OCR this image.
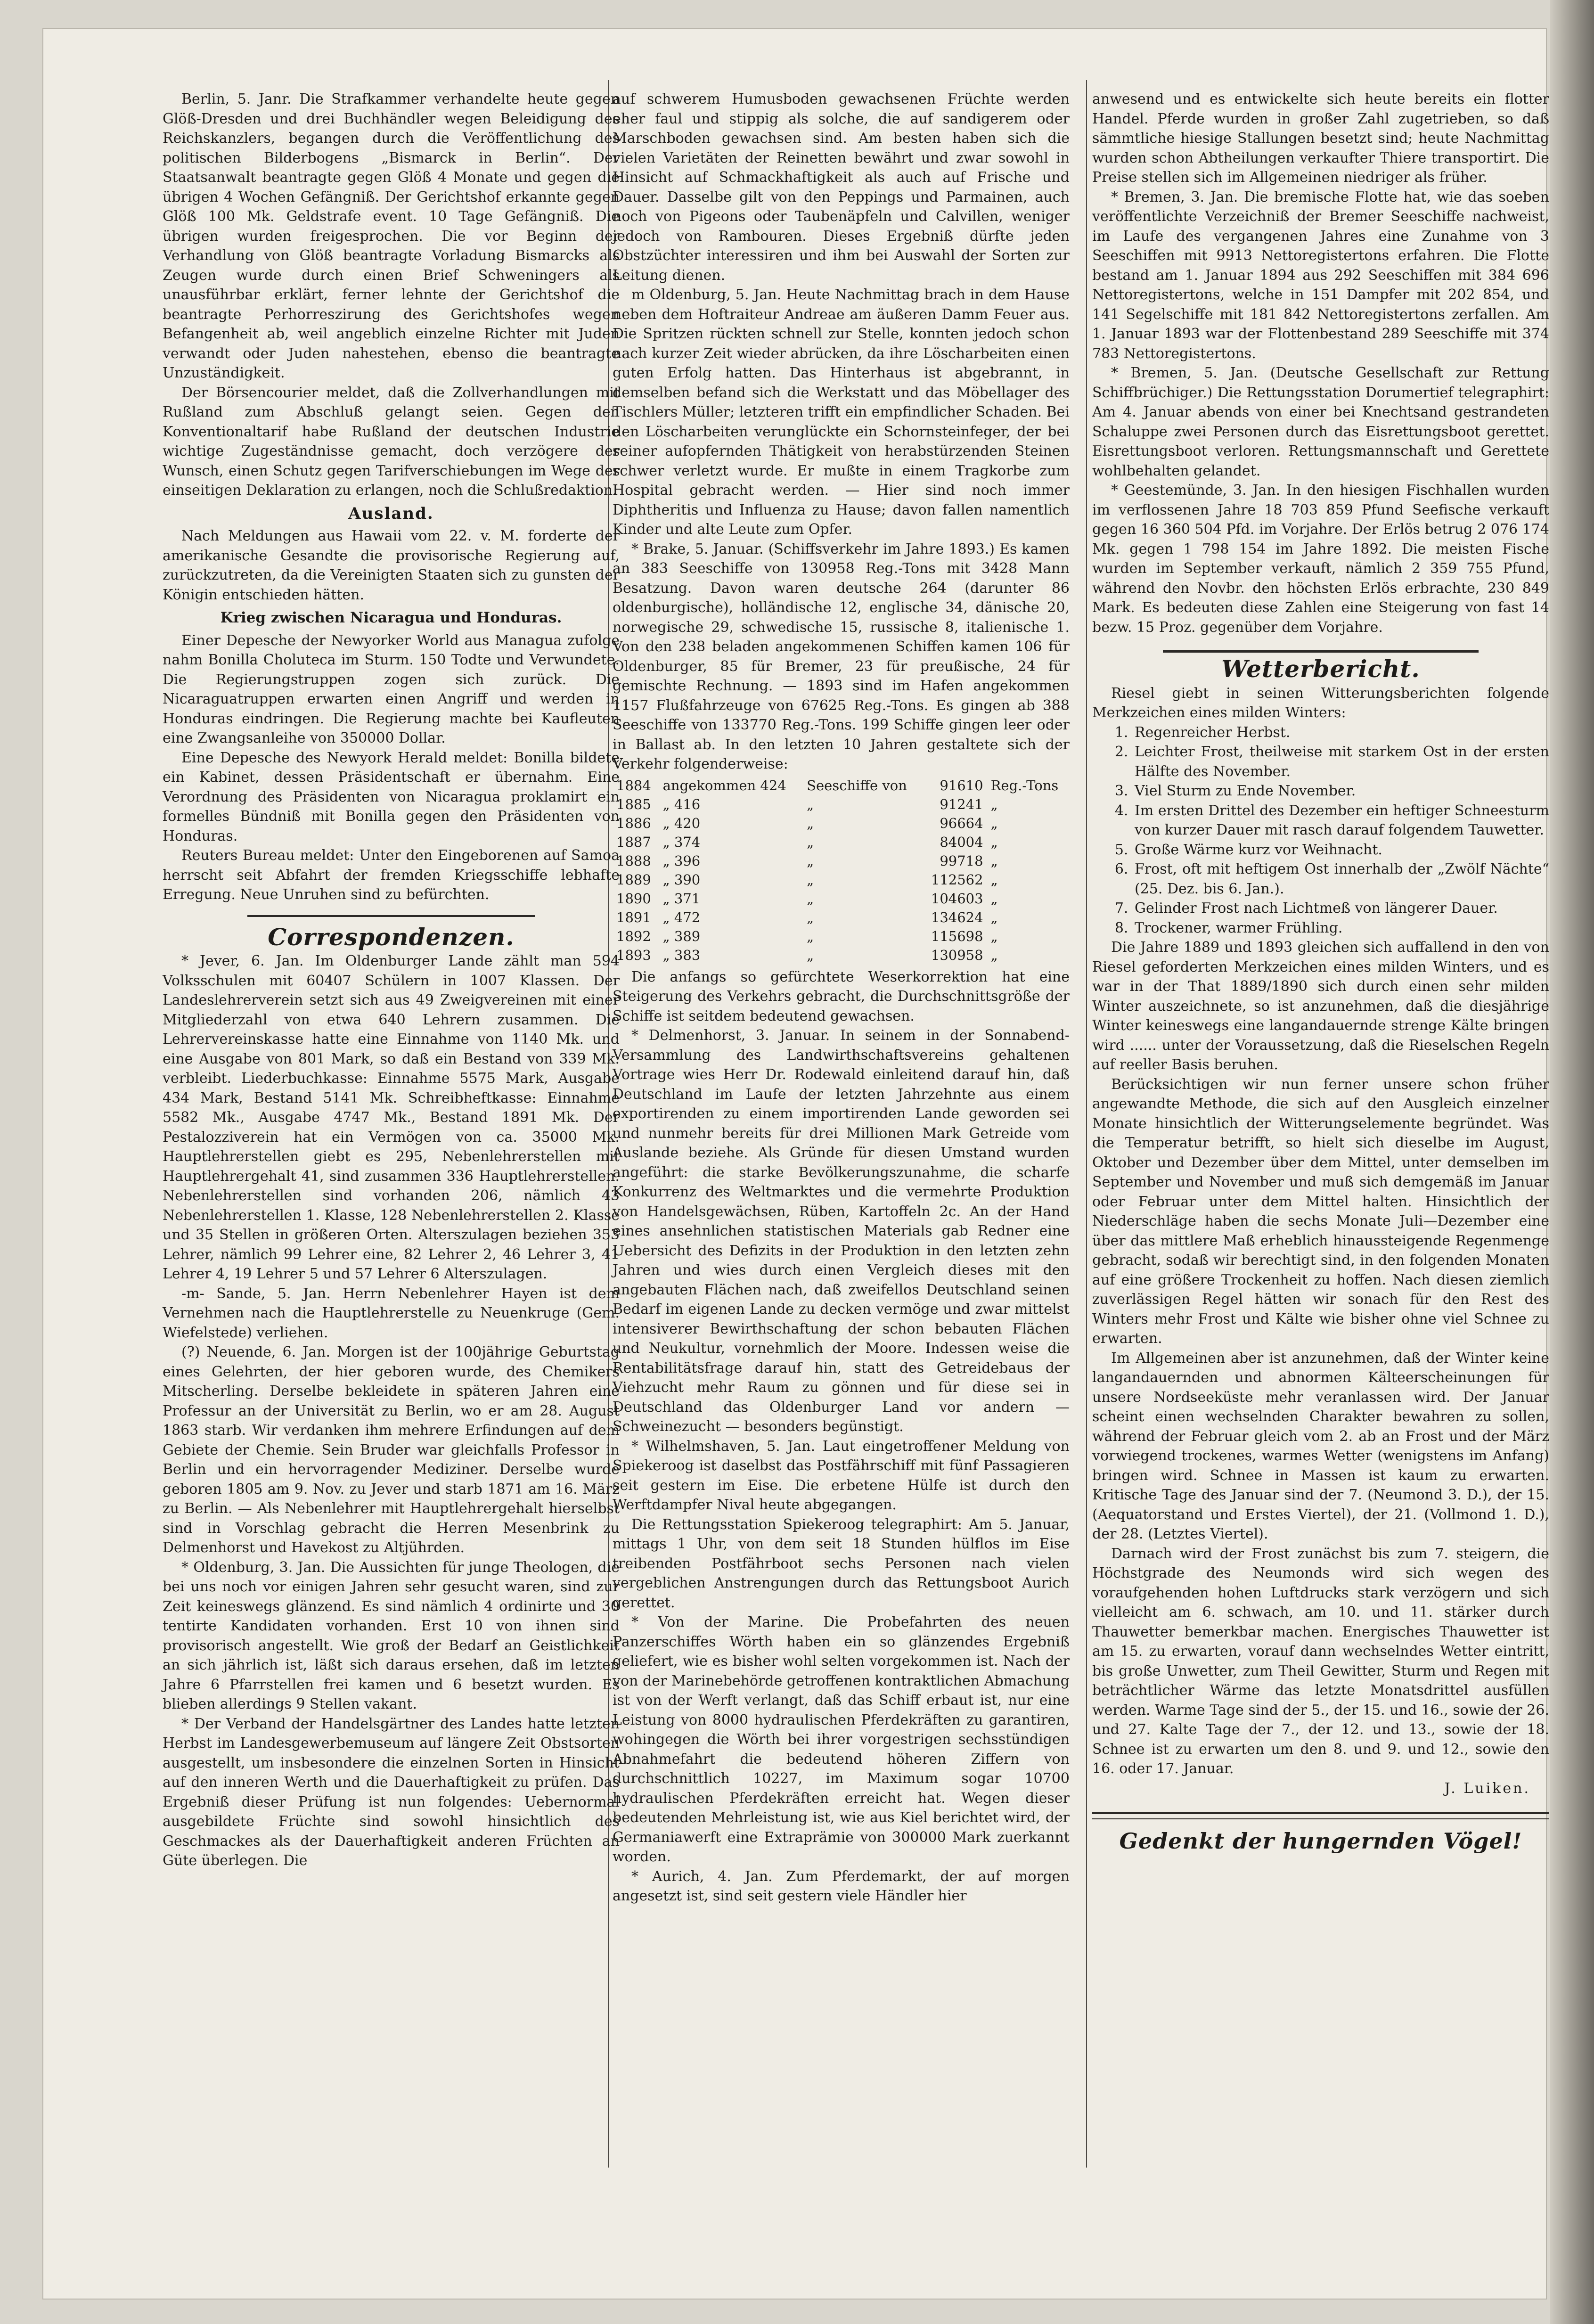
Berlin, 5. Janr. Die Strafkammer verhandelte heute gegen Glöß-Dresden und drei Buchhändler wegen Beleidigung des Reichskanzlers, begangen durch die Veröffentlichung des politischen Bilderbogens „Bismarck in Berlin“. Der Staatsanwalt beantragte gegen Glöß 4 Monate und gegen die übrigen 4 Wochen Gefängniß. Der Gerichtshof erkannte gegen Glöß 100 Mk. Geldstrafe event. 10 Tage Gefängniß. Die übrigen wurden freigesprochen. Die vor Beginn der Verhandlung von Glöß beantragte Vorladung Bismarcks als Zeugen wurde durch einen Brief Schweningers als unausführbar erklärt, ferner lehnte der Gerichtshof die beantragte Perhorreszirung des Gerichtshofes wegen Befangenheit ab, weil angeblich einzelne Richter mit Juden verwandt oder Juden nahestehen, ebenso die beantragte Unzuständigkeit.

Der Börsencourier meldet, daß die Zollverhandlungen mit Rußland zum Abschluß gelangt seien. Gegen den Konventionaltarif habe Rußland der deutschen Industrie wichtige Zugeständnisse gemacht, doch verzögere der Wunsch, einen Schutz gegen Tarifverschiebungen im Wege der einseitigen Deklaration zu erlangen, noch die Schlußredaktion.

Ausland.

Nach Meldungen aus Hawaii vom 22. v. M. forderte der amerikanische Gesandte die provisorische Regierung auf, zurückzutreten, da die Vereinigten Staaten sich zu gunsten der Königin entschieden hätten.

Krieg zwischen Nicaragua und Honduras.

Einer Depesche der Newyorker World aus Managua zufolge nahm Bonilla Choluteca im Sturm. 150 Todte und Verwundete. Die Regierungstruppen zogen sich zurück. Die Nicaraguatruppen erwarten einen Angriff und werden in Honduras eindringen. Die Regierung machte bei Kaufleuten eine Zwangsanleihe von 350000 Dollar.

Eine Depesche des Newyork Herald meldet: Bonilla bildete ein Kabinet, dessen Präsidentschaft er übernahm. Eine Verordnung des Präsidenten von Nicaragua proklamirt ein formelles Bündniß mit Bonilla gegen den Präsidenten von Honduras.

Reuters Bureau meldet: Unter den Eingeborenen auf Samoa herrscht seit Abfahrt der fremden Kriegsschiffe lebhafte Erregung. Neue Unruhen sind zu befürchten.

Correspondenzen.

* Jever, 6. Jan. Im Oldenburger Lande zählt man 594 Volksschulen mit 60407 Schülern in 1007 Klassen. Der Landeslehrerverein setzt sich aus 49 Zweigvereinen mit einer Mitgliederzahl von etwa 640 Lehrern zusammen. Die Lehrervereinskasse hatte eine Einnahme von 1140 Mk. und eine Ausgabe von 801 Mark, so daß ein Bestand von 339 Mk. verbleibt. Liederbuchkasse: Einnahme 5575 Mark, Ausgabe 434 Mark, Bestand 5141 Mk. Schreibheftkasse: Einnahme 5582 Mk., Ausgabe 4747 Mk., Bestand 1891 Mk. Der Pestalozziverein hat ein Vermögen von ca. 35000 Mk. Hauptlehrerstellen giebt es 295, Nebenlehrerstellen mit Hauptlehrergehalt 41, sind zusammen 336 Hauptlehrerstellen. Nebenlehrerstellen sind vorhanden 206, nämlich 43 Nebenlehrerstellen 1. Klasse, 128 Nebenlehrerstellen 2. Klasse und 35 Stellen in größeren Orten. Alterszulagen beziehen 353 Lehrer, nämlich 99 Lehrer eine, 82 Lehrer 2, 46 Lehrer 3, 41 Lehrer 4, 19 Lehrer 5 und 57 Lehrer 6 Alterszulagen.

-m- Sande, 5. Jan. Herrn Nebenlehrer Hayen ist dem Vernehmen nach die Hauptlehrerstelle zu Neuenkruge (Gem. Wiefelstede) verliehen.

(?) Neuende, 6. Jan. Morgen ist der 100jährige Geburtstag eines Gelehrten, der hier geboren wurde, des Chemikers Mitscherling. Derselbe bekleidete in späteren Jahren eine Professur an der Universität zu Berlin, wo er am 28. August 1863 starb. Wir verdanken ihm mehrere Erfindungen auf dem Gebiete der Chemie. Sein Bruder war gleichfalls Professor in Berlin und ein hervorragender Mediziner. Derselbe wurde geboren 1805 am 9. Nov. zu Jever und starb 1871 am 16. März zu Berlin. — Als Nebenlehrer mit Hauptlehrergehalt hierselbst sind in Vorschlag gebracht die Herren Mesenbrink zu Delmenhorst und Havekost zu Altjührden.

* Oldenburg, 3. Jan. Die Aussichten für junge Theologen, die bei uns noch vor einigen Jahren sehr gesucht waren, sind zur Zeit keineswegs glänzend. Es sind nämlich 4 ordinirte und 30 tentirte Kandidaten vorhanden. Erst 10 von ihnen sind provisorisch angestellt. Wie groß der Bedarf an Geistlichkeit an sich jährlich ist, läßt sich daraus ersehen, daß im letzten Jahre 6 Pfarrstellen frei kamen und 6 besetzt wurden. Es blieben allerdings 9 Stellen vakant.

* Der Verband der Handelsgärtner des Landes hatte letzten Herbst im Landesgewerbemuseum auf längere Zeit Obstsorten ausgestellt, um insbesondere die einzelnen Sorten in Hinsicht auf den inneren Werth und die Dauerhaftigkeit zu prüfen. Das Ergebniß dieser Prüfung ist nun folgendes: Uebernormal ausgebildete Früchte sind sowohl hinsichtlich des Geschmackes als der Dauerhaftigkeit anderen Früchten an Güte überlegen. Die

auf schwerem Humusboden gewachsenen Früchte werden eher faul und stippig als solche, die auf sandigerem oder Marschboden gewachsen sind. Am besten haben sich die vielen Varietäten der Reinetten bewährt und zwar sowohl in Hinsicht auf Schmackhaftigkeit als auch auf Frische und Dauer. Dasselbe gilt von den Peppings und Parmainen, auch noch von Pigeons oder Taubenäpfeln und Calvillen, weniger jedoch von Rambouren. Dieses Ergebniß dürfte jeden Obstzüchter interessiren und ihm bei Auswahl der Sorten zur Leitung dienen.

m Oldenburg, 5. Jan. Heute Nachmittag brach in dem Hause neben dem Hoftraiteur Andreae am äußeren Damm Feuer aus. Die Spritzen rückten schnell zur Stelle, konnten jedoch schon nach kurzer Zeit wieder abrücken, da ihre Löscharbeiten einen guten Erfolg hatten. Das Hinterhaus ist abgebrannt, in demselben befand sich die Werkstatt und das Möbellager des Tischlers Müller; letzteren trifft ein empfindlicher Schaden. Bei den Löscharbeiten verunglückte ein Schornsteinfeger, der bei seiner aufopfernden Thätigkeit von herabstürzenden Steinen schwer verletzt wurde. Er mußte in einem Tragkorbe zum Hospital gebracht werden. — Hier sind noch immer Diphtheritis und Influenza zu Hause; davon fallen namentlich Kinder und alte Leute zum Opfer.

* Brake, 5. Januar. (Schiffsverkehr im Jahre 1893.) Es kamen an 383 Seeschiffe von 130958 Reg.-Tons mit 3428 Mann Besatzung. Davon waren deutsche 264 (darunter 86 oldenburgische), holländische 12, englische 34, dänische 20, norwegische 29, schwedische 15, russische 8, italienische 1. Von den 238 beladen angekommenen Schiffen kamen 106 für Oldenburger, 85 für Bremer, 23 für preußische, 24 für gemischte Rechnung. — 1893 sind im Hafen angekommen 1157 Flußfahrzeuge von 67625 Reg.-Tons. Es gingen ab 388 Seeschiffe von 133770 Reg.-Tons. 199 Schiffe gingen leer oder in Ballast ab. In den letzten 10 Jahren gestaltete sich der Verkehr folgenderweise:

1884	angekommen 424	Seeschiffe von	91610	Reg.-Tons
1885	„ 416	„	91241	„
1886	„ 420	„	96664	„
1887	„ 374	„	84004	„
1888	„ 396	„	99718	„
1889	„ 390	„	112562	„
1890	„ 371	„	104603	„
1891	„ 472	„	134624	„
1892	„ 389	„	115698	„
1893	„ 383	„	130958	„

Die anfangs so gefürchtete Weserkorrektion hat eine Steigerung des Verkehrs gebracht, die Durchschnittsgröße der Schiffe ist seitdem bedeutend gewachsen.

* Delmenhorst, 3. Januar. In seinem in der Sonnabend-Versammlung des Landwirthschaftsvereins gehaltenen Vortrage wies Herr Dr. Rodewald einleitend darauf hin, daß Deutschland im Laufe der letzten Jahrzehnte aus einem exportirenden zu einem importirenden Lande geworden sei und nunmehr bereits für drei Millionen Mark Getreide vom Auslande beziehe. Als Gründe für diesen Umstand wurden angeführt: die starke Bevölkerungszunahme, die scharfe Konkurrenz des Weltmarktes und die vermehrte Produktion von Handelsgewächsen, Rüben, Kartoffeln 2c. An der Hand eines ansehnlichen statistischen Materials gab Redner eine Uebersicht des Defizits in der Produktion in den letzten zehn Jahren und wies durch einen Vergleich dieses mit den angebauten Flächen nach, daß zweifellos Deutschland seinen Bedarf im eigenen Lande zu decken vermöge und zwar mittelst intensiverer Bewirthschaftung der schon bebauten Flächen und Neukultur, vornehmlich der Moore. Indessen weise die Rentabilitätsfrage darauf hin, statt des Getreidebaus der Viehzucht mehr Raum zu gönnen und für diese sei in Deutschland das Oldenburger Land vor andern — Schweinezucht — besonders begünstigt.

* Wilhelmshaven, 5. Jan. Laut eingetroffener Meldung von Spiekeroog ist daselbst das Postfährschiff mit fünf Passagieren seit gestern im Eise. Die erbetene Hülfe ist durch den Werftdampfer Nival heute abgegangen.

Die Rettungsstation Spiekeroog telegraphirt: Am 5. Januar, mittags 1 Uhr, von dem seit 18 Stunden hülflos im Eise treibenden Postfährboot sechs Personen nach vielen vergeblichen Anstrengungen durch das Rettungsboot Aurich gerettet.

* Von der Marine. Die Probefahrten des neuen Panzerschiffes Wörth haben ein so glänzendes Ergebniß geliefert, wie es bisher wohl selten vorgekommen ist. Nach der von der Marinebehörde getroffenen kontraktlichen Abmachung ist von der Werft verlangt, daß das Schiff erbaut ist, nur eine Leistung von 8000 hydraulischen Pferdekräften zu garantiren, wohingegen die Wörth bei ihrer vorgestrigen sechsstündigen Abnahmefahrt die bedeutend höheren Ziffern von durchschnittlich 10227, im Maximum sogar 10700 hydraulischen Pferdekräften erreicht hat. Wegen dieser bedeutenden Mehrleistung ist, wie aus Kiel berichtet wird, der Germaniawerft eine Extraprämie von 300000 Mark zuerkannt worden.

* Aurich, 4. Jan. Zum Pferdemarkt, der auf morgen angesetzt ist, sind seit gestern viele Händler hier

anwesend und es entwickelte sich heute bereits ein flotter Handel. Pferde wurden in großer Zahl zugetrieben, so daß sämmtliche hiesige Stallungen besetzt sind; heute Nachmittag wurden schon Abtheilungen verkaufter Thiere transportirt. Die Preise stellen sich im Allgemeinen niedriger als früher.

* Bremen, 3. Jan. Die bremische Flotte hat, wie das soeben veröffentlichte Verzeichniß der Bremer Seeschiffe nachweist, im Laufe des vergangenen Jahres eine Zunahme von 3 Seeschiffen mit 9913 Nettoregistertons erfahren. Die Flotte bestand am 1. Januar 1894 aus 292 Seeschiffen mit 384 696 Nettoregistertons, welche in 151 Dampfer mit 202 854, und 141 Segelschiffe mit 181 842 Nettoregistertons zerfallen. Am 1. Januar 1893 war der Flottenbestand 289 Seeschiffe mit 374 783 Nettoregistertons.

* Bremen, 5. Jan. (Deutsche Gesellschaft zur Rettung Schiffbrüchiger.) Die Rettungsstation Dorumertief telegraphirt: Am 4. Januar abends von einer bei Knechtsand gestrandeten Schaluppe zwei Personen durch das Eisrettungsboot gerettet. Eisrettungsboot verloren. Rettungsmannschaft und Gerettete wohlbehalten gelandet.

* Geestemünde, 3. Jan. In den hiesigen Fischhallen wurden im verflossenen Jahre 18 703 859 Pfund Seefische verkauft gegen 16 360 504 Pfd. im Vorjahre. Der Erlös betrug 2 076 174 Mk. gegen 1 798 154 im Jahre 1892. Die meisten Fische wurden im September verkauft, nämlich 2 359 755 Pfund, während den Novbr. den höchsten Erlös erbrachte, 230 849 Mark. Es bedeuten diese Zahlen eine Steigerung von fast 14 bezw. 15 Proz. gegenüber dem Vorjahre.

Wetterbericht.

Riesel giebt in seinen Witterungsberichten folgende Merkzeichen eines milden Winters:

1. Regenreicher Herbst.
2. Leichter Frost, theilweise mit starkem Ost in der ersten Hälfte des November.
3. Viel Sturm zu Ende November.
4. Im ersten Drittel des Dezember ein heftiger Schneesturm von kurzer Dauer mit rasch darauf folgendem Tauwetter.
5. Große Wärme kurz vor Weihnacht.
6. Frost, oft mit heftigem Ost innerhalb der „Zwölf Nächte“ (25. Dez. bis 6. Jan.).
7. Gelinder Frost nach Lichtmeß von längerer Dauer.
8. Trockener, warmer Frühling.

Die Jahre 1889 und 1893 gleichen sich auffallend in den von Riesel geforderten Merkzeichen eines milden Winters, und es war in der That 1889/1890 sich durch einen sehr milden Winter auszeichnete, so ist anzunehmen, daß die diesjährige Winter keineswegs eine langandauernde strenge Kälte bringen wird ...... unter der Voraussetzung, daß die Rieselschen Regeln auf reeller Basis beruhen.

Berücksichtigen wir nun ferner unsere schon früher angewandte Methode, die sich auf den Ausgleich einzelner Monate hinsichtlich der Witterungselemente begründet. Was die Temperatur betrifft, so hielt sich dieselbe im August, Oktober und Dezember über dem Mittel, unter demselben im September und November und muß sich demgemäß im Januar oder Februar unter dem Mittel halten. Hinsichtlich der Niederschläge haben die sechs Monate Juli—Dezember eine über das mittlere Maß erheblich hinaussteigende Regenmenge gebracht, sodaß wir berechtigt sind, in den folgenden Monaten auf eine größere Trockenheit zu hoffen. Nach diesen ziemlich zuverlässigen Regel hätten wir sonach für den Rest des Winters mehr Frost und Kälte wie bisher ohne viel Schnee zu erwarten.

Im Allgemeinen aber ist anzunehmen, daß der Winter keine langandauernden und abnormen Kälteerscheinungen für unsere Nordseeküste mehr veranlassen wird. Der Januar scheint einen wechselnden Charakter bewahren zu sollen, während der Februar gleich vom 2. ab an Frost und der März vorwiegend trockenes, warmes Wetter (wenigstens im Anfang) bringen wird. Schnee in Massen ist kaum zu erwarten. Kritische Tage des Januar sind der 7. (Neumond 3. D.), der 15. (Aequatorstand und Erstes Viertel), der 21. (Vollmond 1. D.), der 28. (Letztes Viertel).

Darnach wird der Frost zunächst bis zum 7. steigern, die Höchstgrade des Neumonds wird sich wegen des voraufgehenden hohen Luftdrucks stark verzögern und sich vielleicht am 6. schwach, am 10. und 11. stärker durch Thauwetter bemerkbar machen. Energisches Thauwetter ist am 15. zu erwarten, vorauf dann wechselndes Wetter eintritt, bis große Unwetter, zum Theil Gewitter, Sturm und Regen mit beträchtlicher Wärme das letzte Monatsdrittel ausfüllen werden. Warme Tage sind der 5., der 15. und 16., sowie der 26. und 27. Kalte Tage der 7., der 12. und 13., sowie der 18. Schnee ist zu erwarten um den 8. und 9. und 12., sowie den 16. oder 17. Januar.

J. Luiken.
Gedenkt der hungernden Vögel!
